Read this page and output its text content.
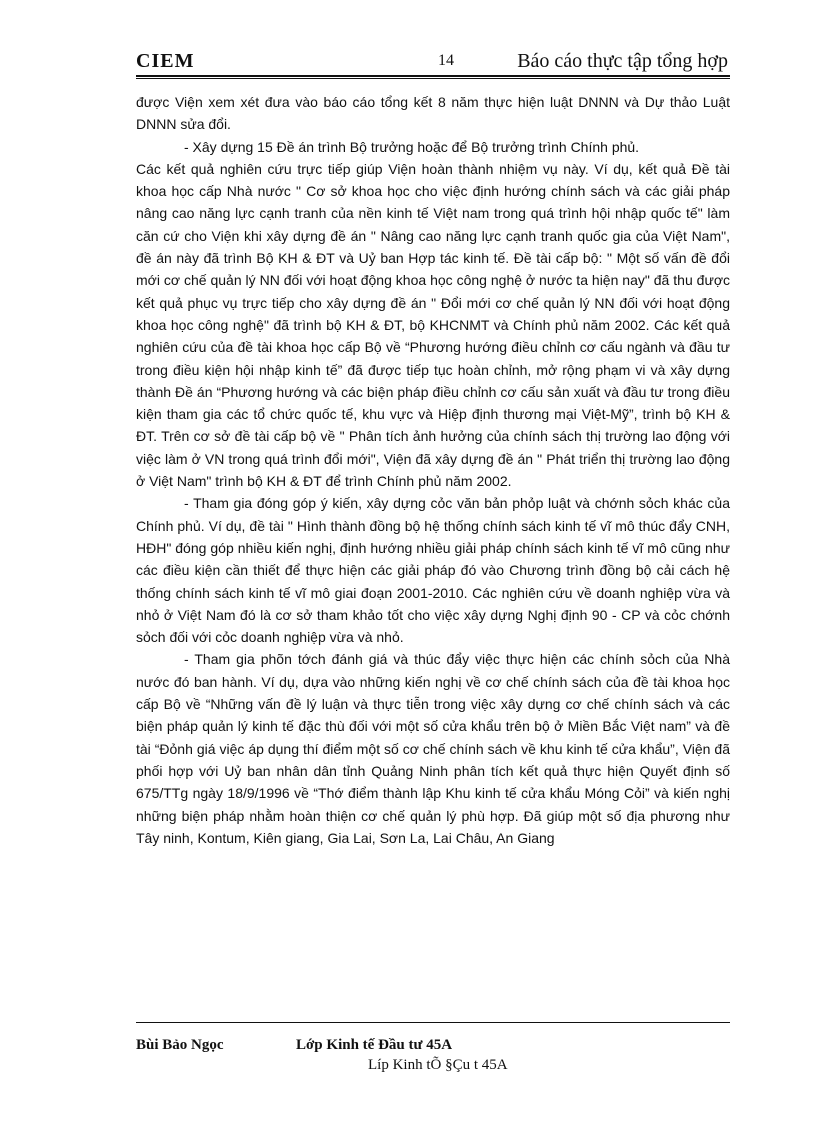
CIEM	14	Báo cáo thực tập tổng hợp

được Viện xem xét đưa vào báo cáo tổng kết 8 năm thực hiện luật DNNN và Dự thảo Luật DNNN sửa đổi.

- Xây dựng 15 Đề án trình Bộ trưởng hoặc để Bộ trưởng trình Chính phủ.

Các kết quả nghiên cứu trực tiếp giúp Viện hoàn thành nhiệm vụ này. Ví dụ, kết quả Đề tài khoa học cấp Nhà nước " Cơ sở khoa học cho việc định hướng chính sách và các giải pháp nâng cao năng lực cạnh tranh của nền kinh tế Việt nam trong quá trình hội nhập quốc tế" làm căn cứ cho Viện khi xây dựng đề án " Nâng cao năng lực cạnh tranh quốc gia của Việt Nam", đề án này đã trình Bộ KH & ĐT và Uỷ ban Hợp tác kinh tế. Đề tài cấp bộ: " Một số vấn đề đổi mới cơ chế quản lý NN đối với hoạt động khoa học công nghệ ở nước ta hiện nay" đã thu được kết quả phục vụ trực tiếp cho xây dựng đề án " Đổi mới cơ chế quản lý NN đối với hoạt động khoa học công nghệ" đã trình bộ KH & ĐT, bộ KHCNMT và Chính phủ năm 2002. Các kết quả nghiên cứu của đề tài khoa học cấp Bộ về “Phương hướng điều chỉnh cơ cấu ngành và đầu tư trong điều kiện hội nhập kinh tế” đã được tiếp tục hoàn chỉnh, mở rộng phạm vi và xây dựng thành Đề án “Phương hướng và các biện pháp điều chỉnh cơ cấu sản xuất và đầu tư trong điều kiện tham gia các tổ chức quốc tế, khu vực và Hiệp định thương mại Việt-Mỹ”, trình bộ KH & ĐT. Trên cơ sở đề tài cấp bộ về " Phân tích ảnh hưởng của chính sách thị trường lao động với việc làm ở VN trong quá trình đổi mới", Viện đã xây dựng đề án " Phát triển thị trường lao động ở Việt Nam" trình bộ KH & ĐT để trình Chính phủ năm 2002.

- Tham gia đóng góp ý kiến, xây dựng cỏc văn bản phỏp luật và chớnh sỏch khác của Chính phủ. Ví dụ, đề tài " Hình thành đồng bộ hệ thống chính sách kinh tế vĩ mô thúc đẩy CNH, HĐH" đóng góp nhiều kiến nghị, định hướng nhiều giải pháp chính sách kinh tế vĩ mô cũng như các điều kiện cần thiết để thực hiện các giải pháp đó vào Chương trình đồng bộ cải cách hệ thống chính sách kinh tế vĩ mô giai đoạn 2001-2010. Các nghiên cứu về doanh nghiệp vừa và nhỏ ở Việt Nam đó là cơ sở tham khảo tốt cho việc xây dựng Nghị định 90 - CP và cỏc chớnh sỏch đối với cỏc doanh nghiệp vừa và nhỏ.

- Tham gia phõn tớch đánh giá và thúc đẩy việc thực hiện các chính sỏch của Nhà nước đó ban hành. Ví dụ, dựa vào những kiến nghị về cơ chế chính sách của đề tài khoa học cấp Bộ về “Những vấn đề lý luận và thực tiễn trong việc xây dựng cơ chế chính sách và các biện pháp quản lý kinh tế đặc thù đối với một số cửa khẩu trên bộ ở Miền Bắc Việt nam” và đề tài “Đỏnh giá việc áp dụng thí điểm một số cơ chế chính sách về khu kinh tế cửa khẩu”, Viện đã phối hợp với Uỷ ban nhân dân tỉnh Quảng Ninh phân tích kết quả thực hiện Quyết định số 675/TTg ngày 18/9/1996 về “Thớ điểm thành lập Khu kinh tế cửa khẩu Móng Cỏi” và kiến nghị những biện pháp nhằm hoàn thiện cơ chế quản lý phù hợp. Đã giúp một số địa phương như Tây ninh, Kontum, Kiên giang, Gia Lai, Sơn La, Lai Châu, An Giang

Bùi Bảo Ngọc	Lớp Kinh tế Đầu tư 45A
Líp Kinh tÕ §Çu t 45A
